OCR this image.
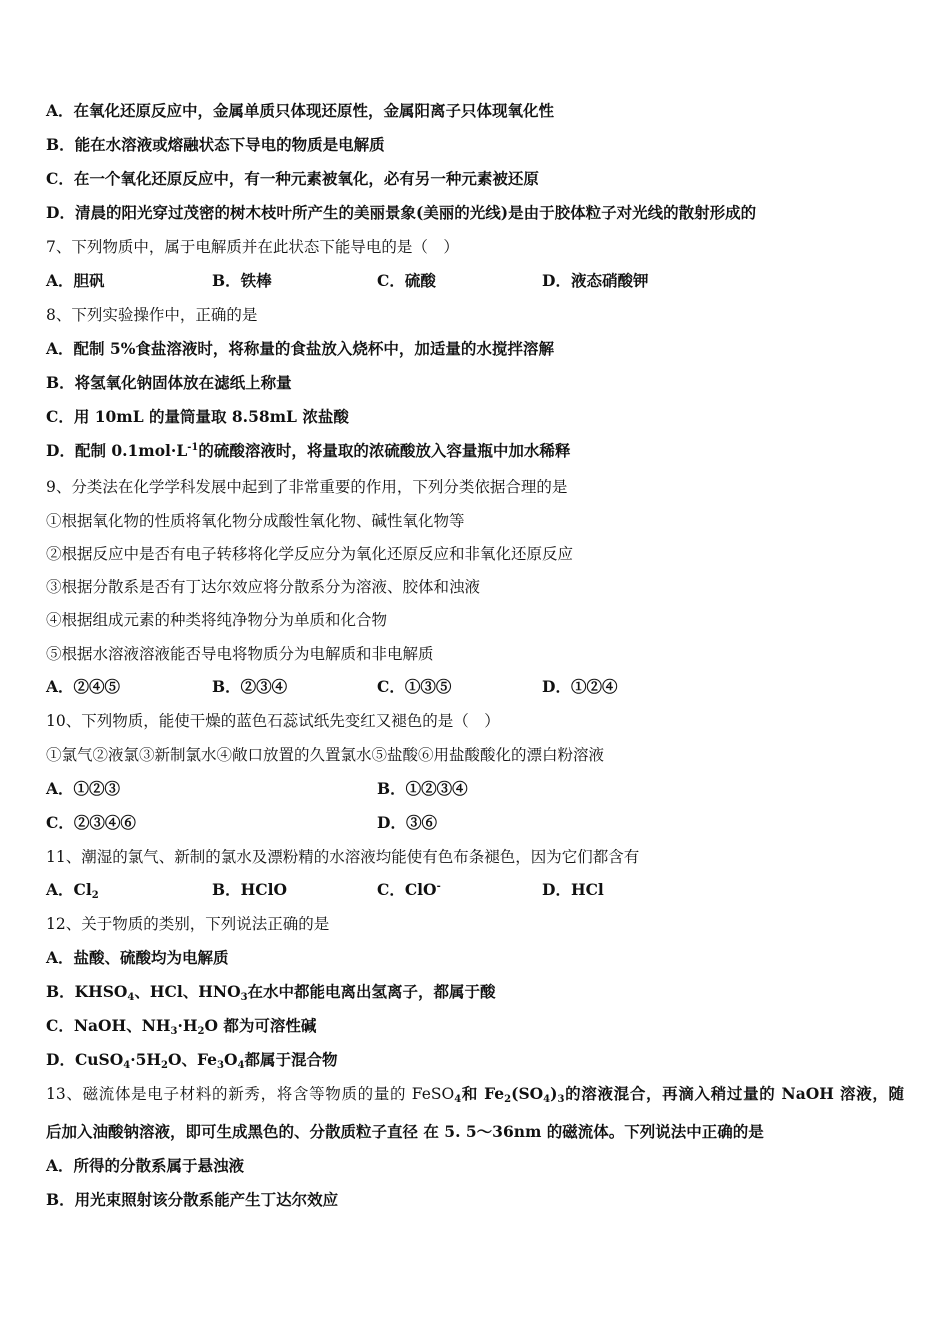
A．在氧化还原反应中，金属单质只体现还原性，金属阳离子只体现氧化性
B．能在水溶液或熔融状态下导电的物质是电解质
C．在一个氧化还原反应中，有一种元素被氧化，必有另一种元素被还原
D．清晨的阳光穿过茂密的树木枝叶所产生的美丽景象(美丽的光线)是由于胶体粒子对光线的散射形成的
7、下列物质中，属于电解质并在此状态下能导电的是（　）
A．胆矾	B．铁棒	C．硫酸	D．液态硝酸钾
8、下列实验操作中，正确的是
A．配制 5%食盐溶液时，将称量的食盐放入烧杯中，加适量的水搅拌溶解
B．将氢氧化钠固体放在滤纸上称量
C．用 10mL 的量筒量取 8.58mL 浓盐酸
D．配制 $0.1mol\cdot L^{-1}$的硫酸溶液时，将量取的浓硫酸放入容量瓶中加水稀释
9、分类法在化学学科发展中起到了非常重要的作用，下列分类依据合理的是
①根据氧化物的性质将氧化物分成酸性氧化物、碱性氧化物等
②根据反应中是否有电子转移将化学反应分为氧化还原反应和非氧化还原反应
③根据分散系是否有丁达尔效应将分散系分为溶液、胶体和浊液
④根据组成元素的种类将纯净物分为单质和化合物
⑤根据水溶液溶液能否导电将物质分为电解质和非电解质
A．②④⑤	B．②③④	C．①③⑤	D．①②④
10、下列物质，能使干燥的蓝色石蕊试纸先变红又褪色的是（　）
①氯气②液氯③新制氯水④敞口放置的久置氯水⑤盐酸⑥用盐酸酸化的漂白粉溶液
A．①②③	B．①②③④
C．②③④⑥	D．③⑥
11、潮湿的氯气、新制的氯水及漂粉精的水溶液均能使有色布条褪色，因为它们都含有
A．$Cl_2$	B．HClO	C．ClO-	D．HCl
12、关于物质的类别，下列说法正确的是
A．盐酸、硫酸均为电解质
B．$KHSO_4$、HCl、$HNO_3$在水中都能电离出氢离子，都属于酸
C．NaOH、$NH_3\cdot H_2O$ 都为可溶性碱
D．$CuSO_4\cdot 5H_2O$、$Fe_3O_4$都属于混合物
13、磁流体是电子材料的新秀，将含等物质的量的 FeSO$_4$和 $Fe_2(SO_4)_3$的溶液混合，再滴入稍过量的 NaOH 溶液，随
后加入油酸钠溶液，即可生成黑色的、分散质粒子直径 在 5. 5～36nm 的磁流体。下列说法中正确的是
A．所得的分散系属于悬浊液
B．用光束照射该分散系能产生丁达尔效应
